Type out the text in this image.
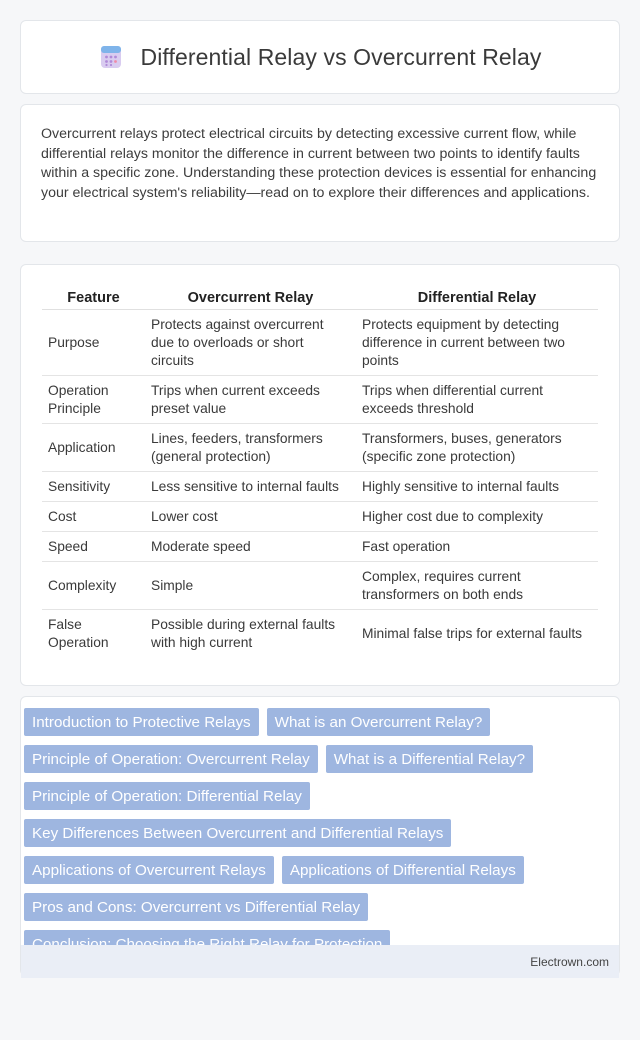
Differential Relay vs Overcurrent Relay

Overcurrent relays protect electrical circuits by detecting excessive current flow, while differential relays monitor the difference in current between two points to identify faults within a specific zone. Understanding these protection devices is essential for enhancing your electrical system's reliability—read on to explore their differences and applications.

Feature	Overcurrent Relay	Differential Relay
Purpose	Protects against overcurrent due to overloads or short circuits	Protects equipment by detecting difference in current between two points
Operation Principle	Trips when current exceeds preset value	Trips when differential current exceeds threshold
Application	Lines, feeders, transformers (general protection)	Transformers, buses, generators (specific zone protection)
Sensitivity	Less sensitive to internal faults	Highly sensitive to internal faults
Cost	Lower cost	Higher cost due to complexity
Speed	Moderate speed	Fast operation
Complexity	Simple	Complex, requires current transformers on both ends
False Operation	Possible during external faults with high current	Minimal false trips for external faults
Introduction to Protective Relays	What is an Overcurrent Relay?
Principle of Operation: Overcurrent Relay	What is a Differential Relay?
Principle of Operation: Differential Relay
Key Differences Between Overcurrent and Differential Relays
Applications of Overcurrent Relays	Applications of Differential Relays
Pros and Cons: Overcurrent vs Differential Relay
Electrown.com
